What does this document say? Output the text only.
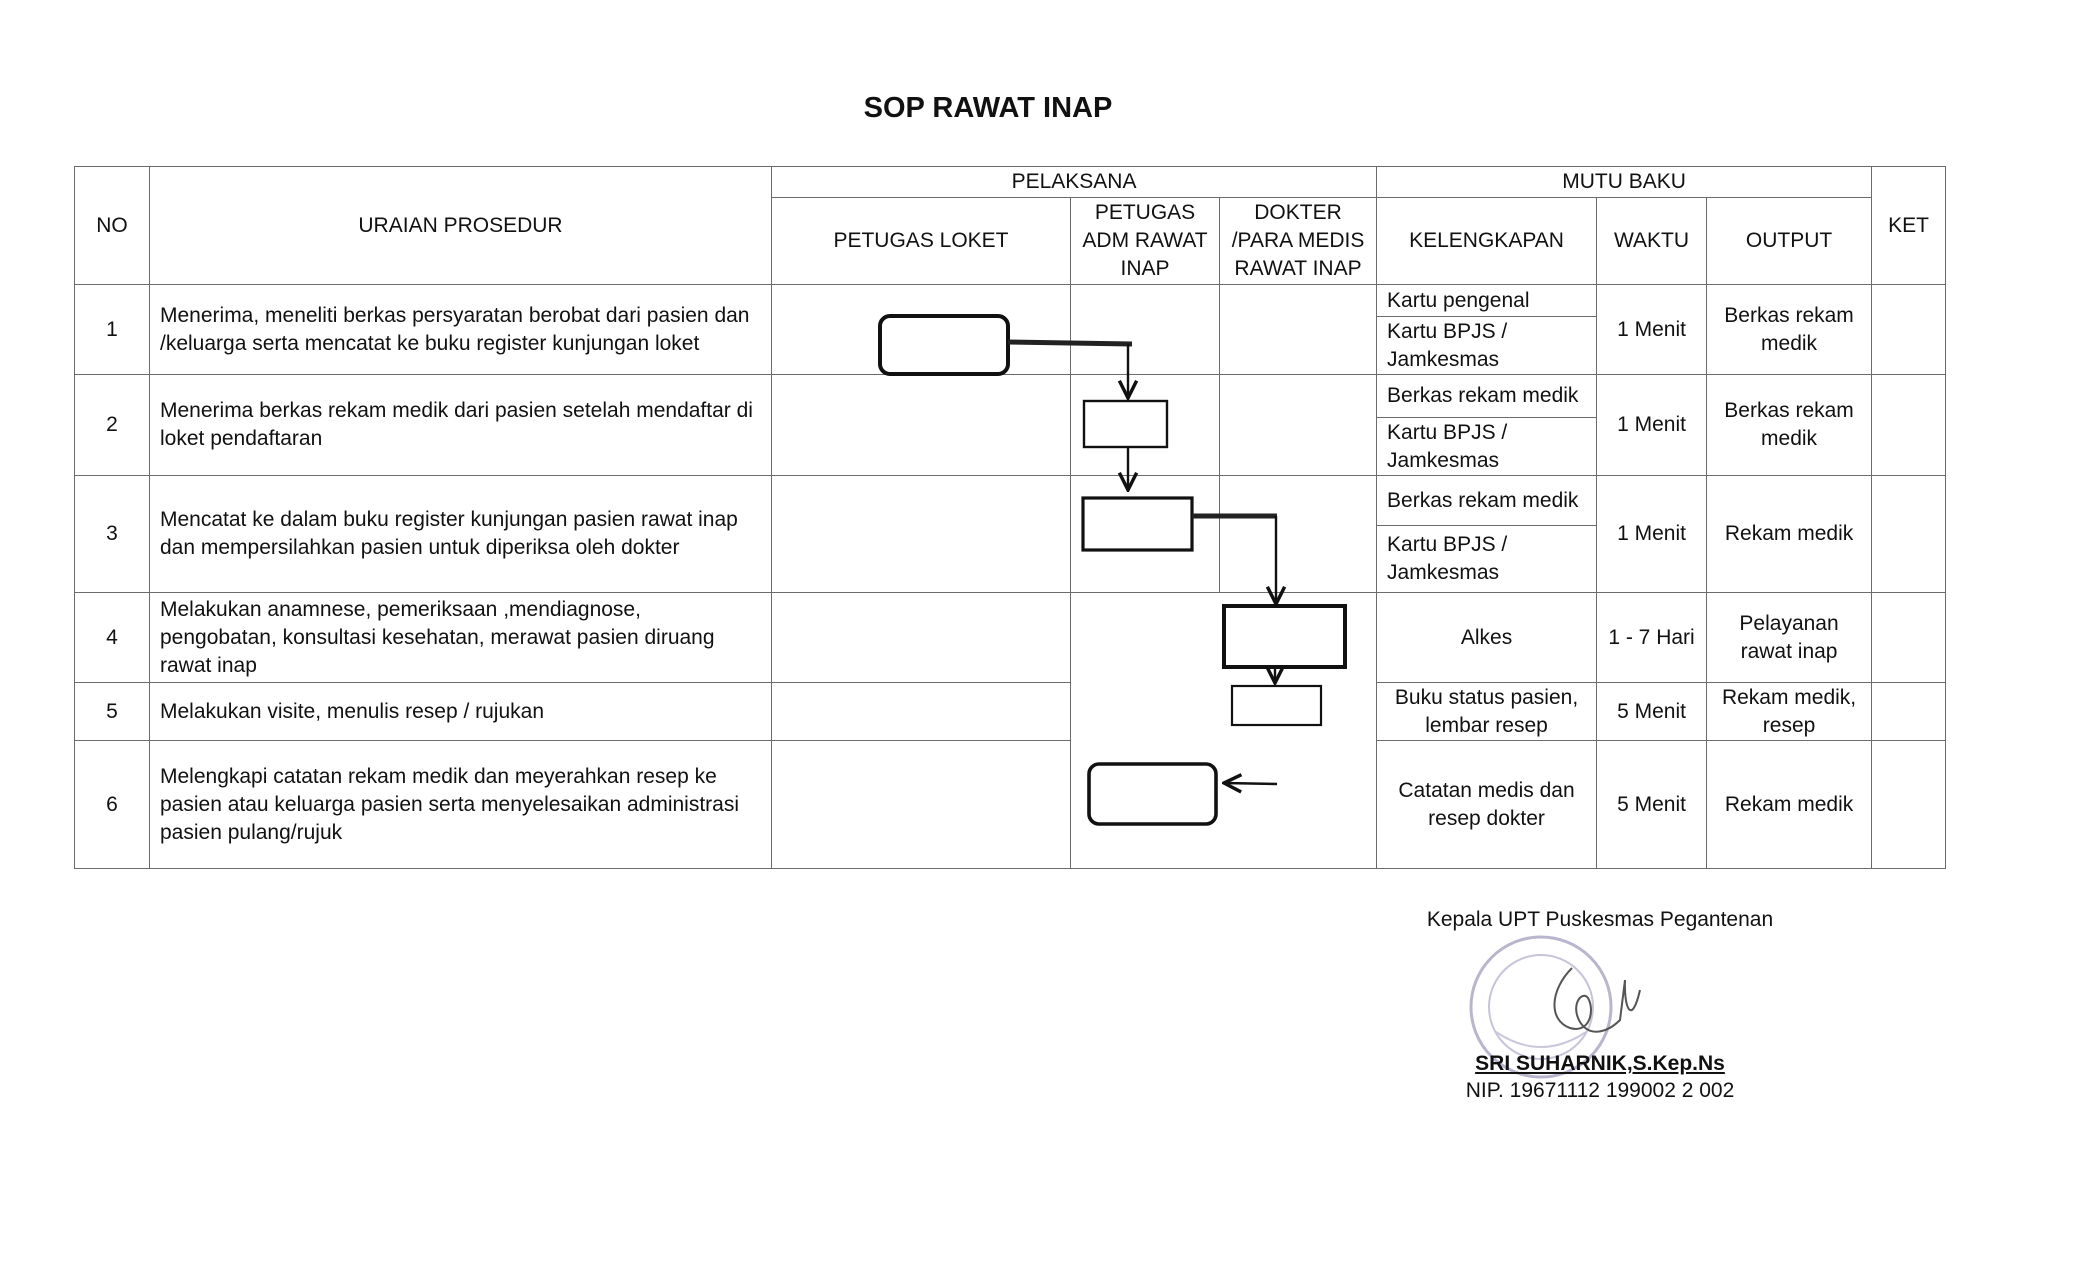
SOP RAWAT INAP
NO	URAIAN PROSEDUR	PELAKSANA			MUTU BAKU			KET
		PETUGAS LOKET	PETUGAS ADM RAWAT INAP	DOKTER /PARA MEDIS RAWAT INAP	KELENGKAPAN	WAKTU	OUTPUT	
1	Menerima, meneliti berkas persyaratan berobat dari pasien dan /keluarga serta mencatat ke buku register kunjungan loket				Kartu pengenal	1 Menit	Berkas rekam medik	
					Kartu BPJS / Jamkesmas			
2	Menerima berkas rekam medik dari pasien setelah mendaftar di loket pendaftaran				Berkas rekam medik	1 Menit	Berkas rekam medik	
					Kartu BPJS / Jamkesmas			
3	Mencatat ke dalam buku register kunjungan pasien rawat inap dan mempersilahkan pasien untuk diperiksa oleh dokter				Berkas rekam medik	1 Menit	Rekam medik	
					Kartu BPJS / Jamkesmas			
4	Melakukan anamnese, pemeriksaan ,mendiagnose, pengobatan, konsultasi kesehatan, merawat pasien diruang rawat inap				Alkes	1 - 7 Hari	Pelayanan rawat inap	
5	Melakukan visite, menulis resep / rujukan				Buku status pasien, lembar resep	5 Menit	Rekam medik, resep	
6	Melengkapi catatan rekam medik dan meyerahkan resep ke pasien atau keluarga pasien serta menyelesaikan administrasi pasien pulang/rujuk				Catatan medis dan resep dokter	5 Menit	Rekam medik	
Kepala UPT Puskesmas Pegantenan
SRI SUHARNIK,S.Kep.Ns
NIP. 19671112 199002 2 002
